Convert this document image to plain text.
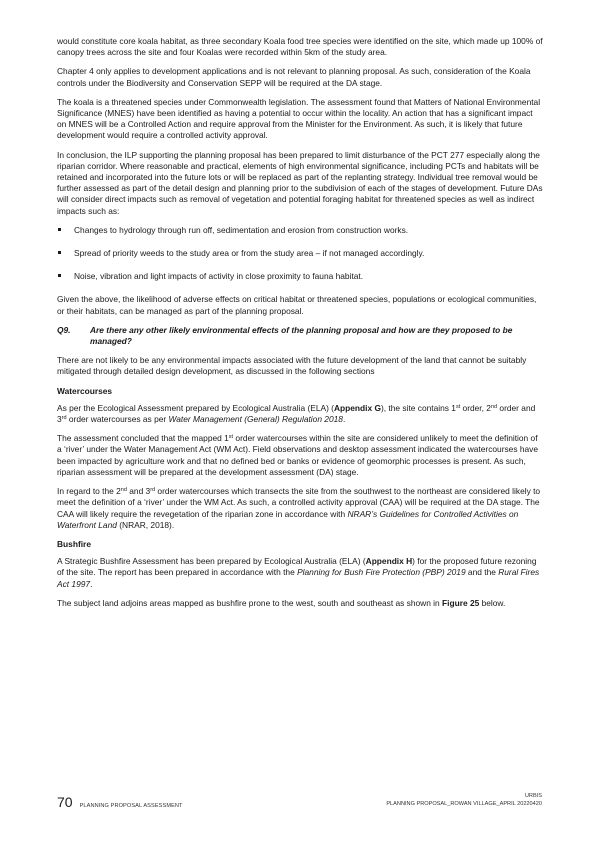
would constitute core koala habitat, as three secondary Koala food tree species were identified on the site, which made up 100% of canopy trees across the site and four Koalas were recorded within 5km of the study area.

Chapter 4 only applies to development applications and is not relevant to planning proposal. As such, consideration of the Koala controls under the Biodiversity and Conservation SEPP will be required at the DA stage.

The koala is a threatened species under Commonwealth legislation. The assessment found that Matters of National Environmental Significance (MNES) have been identified as having a potential to occur within the locality. An action that has a significant impact on MNES will be a Controlled Action and require approval from the Minister for the Environment. As such, it is likely that future development would require a controlled activity approval.

In conclusion, the ILP supporting the planning proposal has been prepared to limit disturbance of the PCT 277 especially along the riparian corridor. Where reasonable and practical, elements of high environmental significance, including PCTs and habitats will be retained and incorporated into the future lots or will be replaced as part of the replanting strategy. Individual tree removal would be further assessed as part of the detail design and planning prior to the subdivision of each of the stages of development. Future DAs will consider direct impacts such as removal of vegetation and potential foraging habitat for threatened species as well as indirect impacts such as:

Changes to hydrology through run off, sedimentation and erosion from construction works.
Spread of priority weeds to the study area or from the study area – if not managed accordingly.
Noise, vibration and light impacts of activity in close proximity to fauna habitat.

Given the above, the likelihood of adverse effects on critical habitat or threatened species, populations or ecological communities, or their habitats, can be managed as part of the planning proposal.

Q9.	Are there any other likely environmental effects of the planning proposal and how are they proposed to be managed?

There are not likely to be any environmental impacts associated with the future development of the land that cannot be suitably mitigated through detailed design development, as discussed in the following sections

Watercourses

As per the Ecological Assessment prepared by Ecological Australia (ELA) (Appendix G), the site contains 1st order, 2nd order and 3rd order watercourses as per Water Management (General) Regulation 2018.

The assessment concluded that the mapped 1st order watercourses within the site are considered unlikely to meet the definition of a ‘river’ under the Water Management Act (WM Act). Field observations and desktop assessment indicated the watercourses have been impacted by agriculture work and that no defined bed or banks or evidence of geomorphic processes is present. As such, riparian assessment will be prepared at the development assessment (DA) stage.

In regard to the 2nd and 3rd order watercourses which transects the site from the southwest to the northeast are considered likely to meet the definition of a ‘river’ under the WM Act. As such, a controlled activity approval (CAA) will be required at the DA stage. The CAA will likely require the revegetation of the riparian zone in accordance with NRAR’s Guidelines for Controlled Activities on Waterfront Land (NRAR, 2018).

Bushfire

A Strategic Bushfire Assessment has been prepared by Ecological Australia (ELA) (Appendix H) for the proposed future rezoning of the site. The report has been prepared in accordance with the Planning for Bush Fire Protection (PBP) 2019 and the Rural Fires Act 1997.

The subject land adjoins areas mapped as bushfire prone to the west, south and southeast as shown in Figure 25 below.

70 PLANNING PROPOSAL ASSESSMENT
URBIS
PLANNING PROPOSAL_ROWAN VILLAGE_APRIL 20220420
